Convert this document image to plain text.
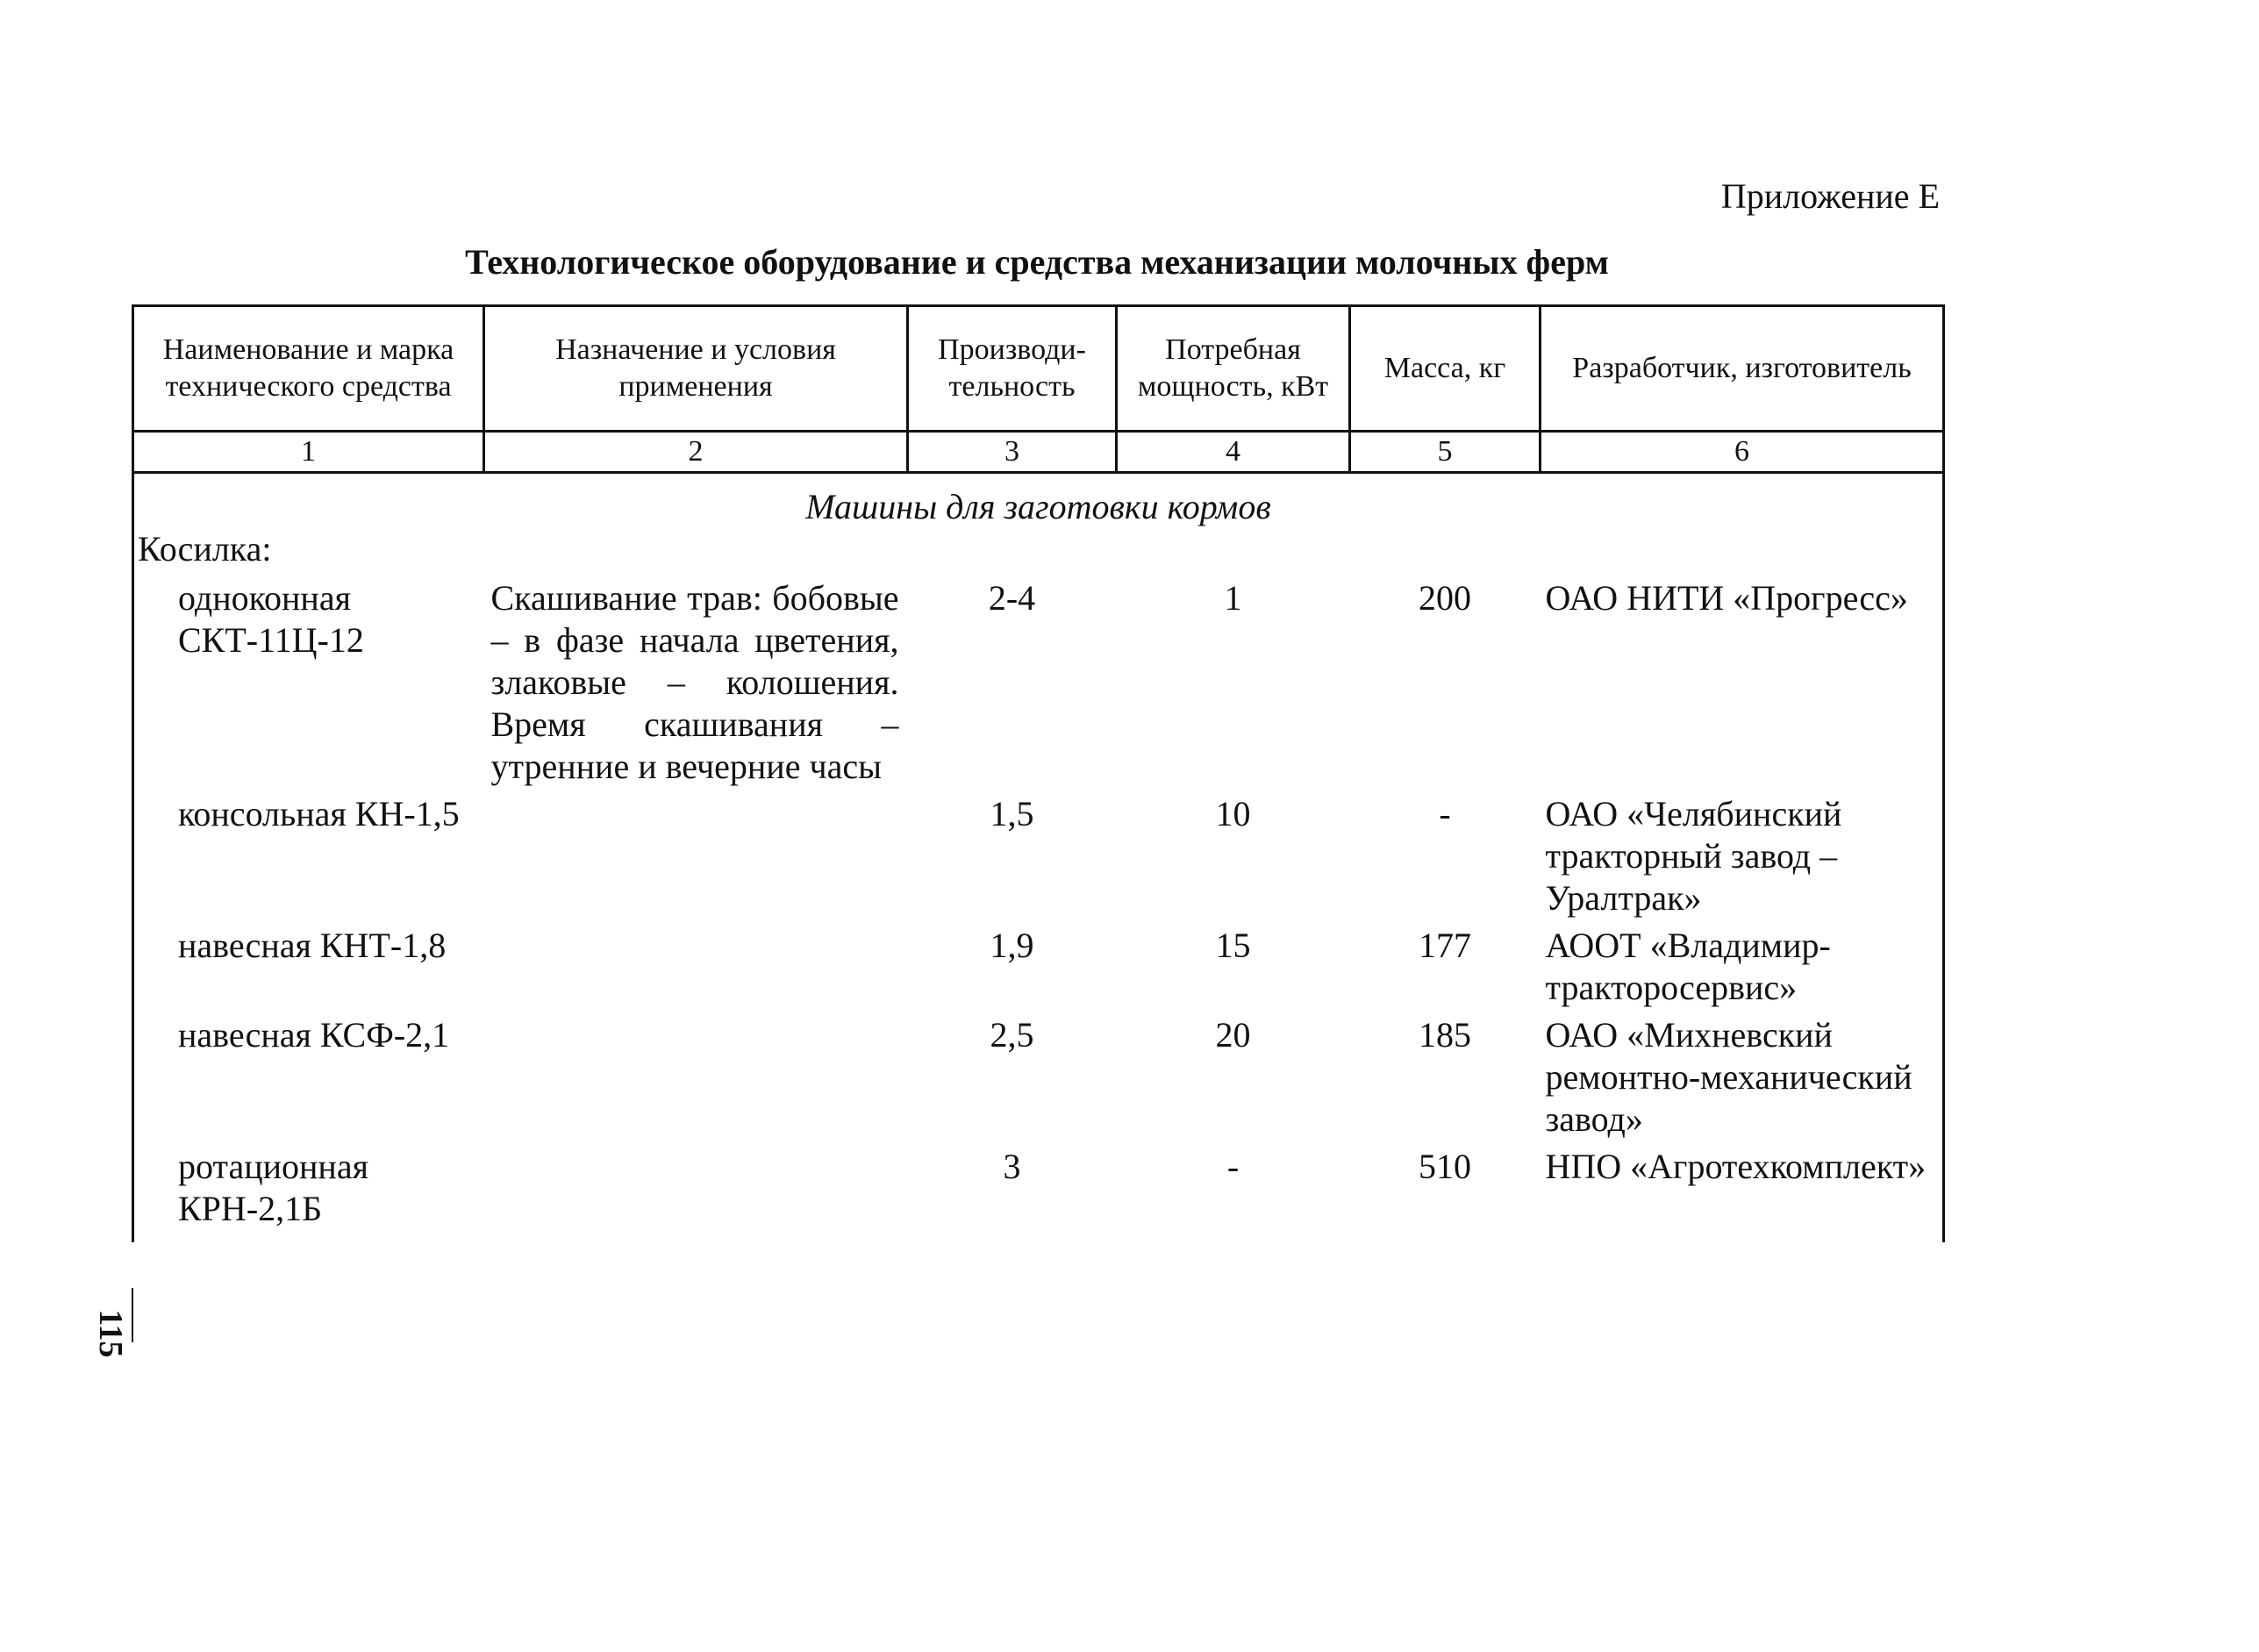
Приложение Е

Технологическое оборудование и средства механизации молочных ферм
Наименование и марка технического средства	Назначение и условия применения	Производи-тельность	Потребная мощность, кВт	Масса, кг	Разработчик, изготовитель
1	2	3	4	5	6
Машины для заготовки кормов					
Косилка:					
одноконная СКТ-11Ц-12	Скашивание трав: бобовые – в фазе начала цветения, злаковые – колошения. Время скашивания – утренние и вечерние часы	2-4	1	200	ОАО НИТИ «Прогресс»
консольная КН-1,5		1,5	10	-	ОАО «Челябинский тракторный завод – Уралтрак»
навесная КНТ-1,8		1,9	15	177	АООТ «Владимир-тракторосервис»
навесная КСФ-2,1		2,5	20	185	ОАО «Михневский ремонтно-механический завод»
ротационная КРН-2,1Б		3	-	510	НПО «Агротехкомплект»
115
